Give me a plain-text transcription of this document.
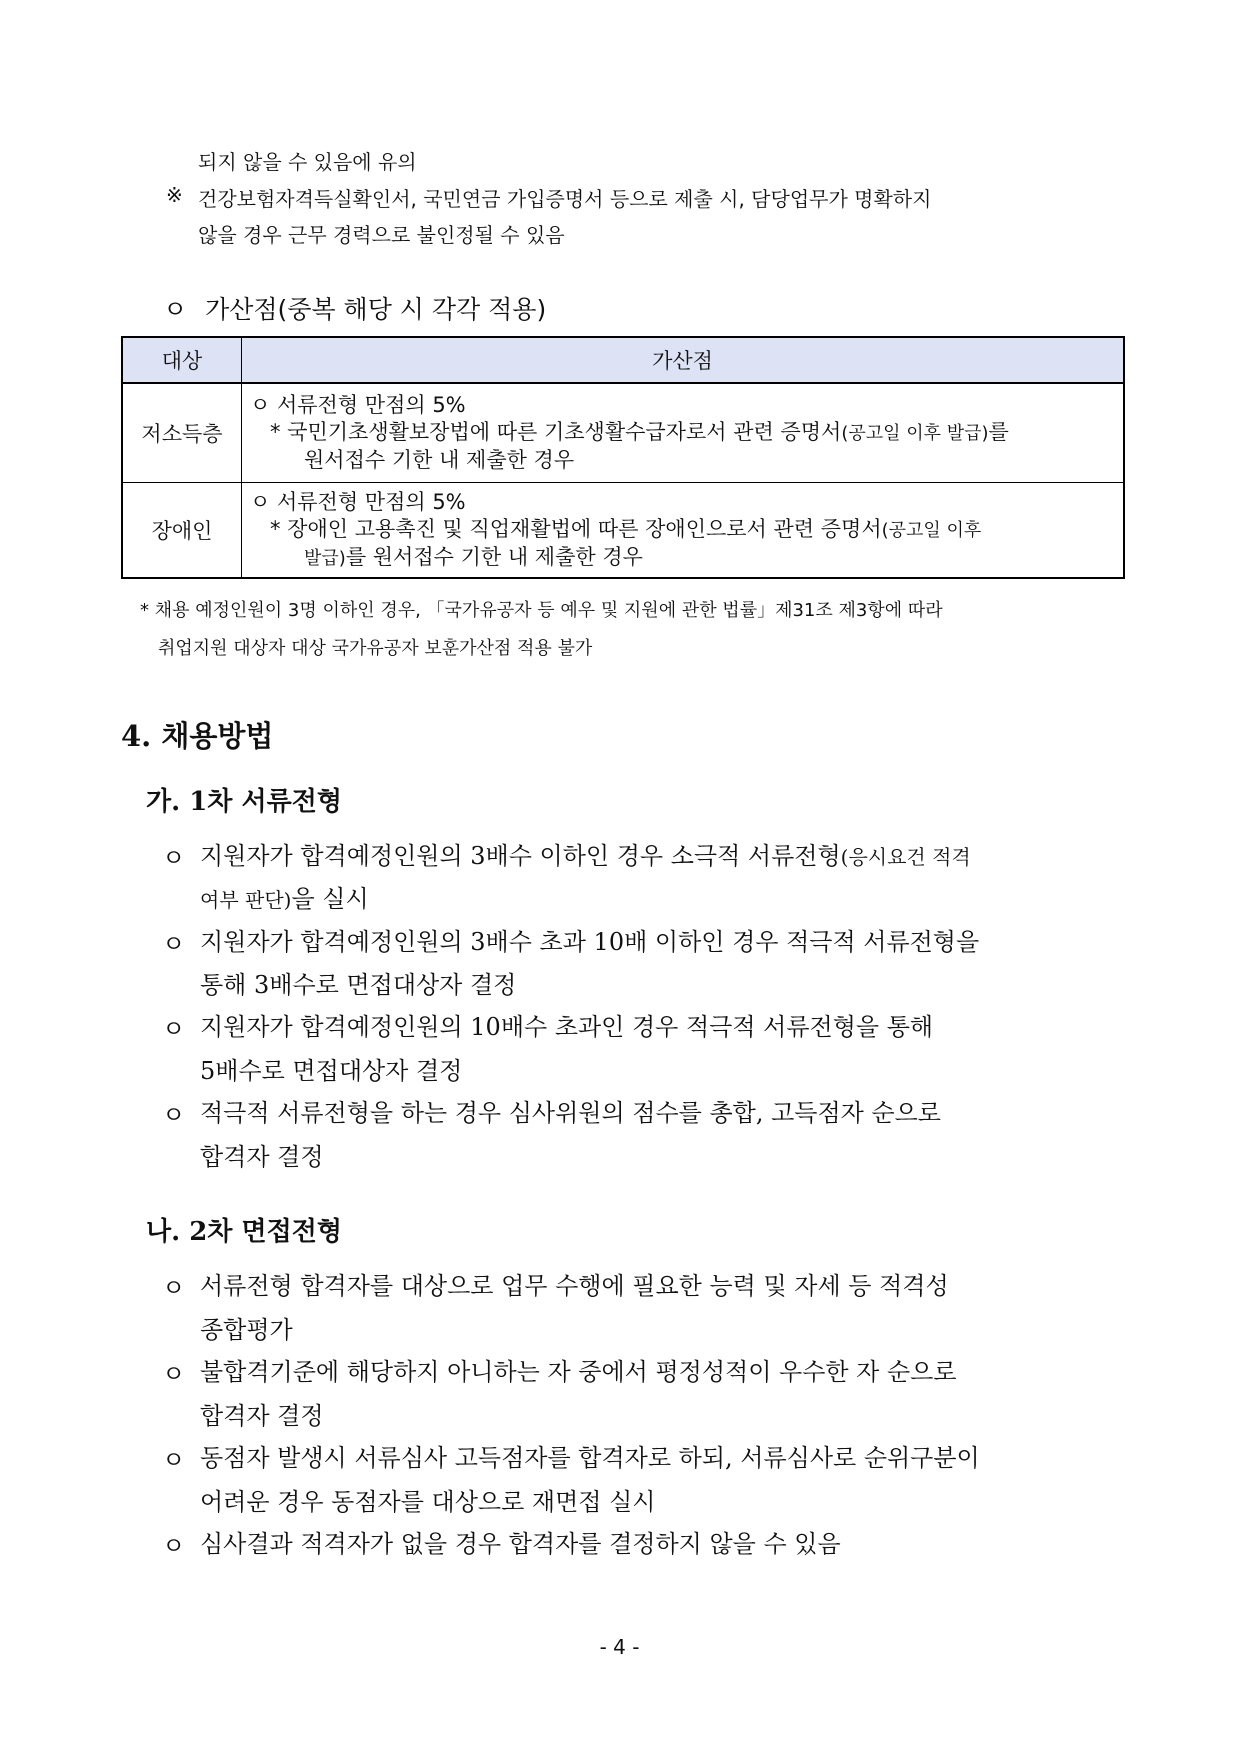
되지 않을 수 있음에 유의
※ 건강보험자격득실확인서, 국민연금 가입증명서 등으로 제출 시, 담당업무가 명확하지
않을 경우 근무 경력으로 불인정될 수 있음
ㅇ 가산점(중복 해당 시 각각 적용)
대상	가산점
저소득층	ㅇ 서류전형 만점의 5%
* 국민기초생활보장법에 따른 기초생활수급자로서 관련 증명서(공고일 이후 발급)를
원서접수 기한 내 제출한 경우

장애인	ㅇ 서류전형 만점의 5%
* 장애인 고용촉진 및 직업재활법에 따른 장애인으로서 관련 증명서(공고일 이후
발급)를 원서접수 기한 내 제출한 경우
* 채용 예정인원이 3명 이하인 경우, 「국가유공자 등 예우 및 지원에 관한 법률」제31조 제3항에 따라
취업지원 대상자 대상 국가유공자 보훈가산점 적용 불가
4. 채용방법
가. 1차 서류전형
ㅇ 지원자가 합격예정인원의 3배수 이하인 경우 소극적 서류전형(응시요건 적격
여부 판단)을 실시
ㅇ 지원자가 합격예정인원의 3배수 초과 10배 이하인 경우 적극적 서류전형을
통해 3배수로 면접대상자 결정
ㅇ 지원자가 합격예정인원의 10배수 초과인 경우 적극적 서류전형을 통해
5배수로 면접대상자 결정
ㅇ 적극적 서류전형을 하는 경우 심사위원의 점수를 총합, 고득점자 순으로
합격자 결정
나. 2차 면접전형
ㅇ 서류전형 합격자를 대상으로 업무 수행에 필요한 능력 및 자세 등 적격성
종합평가
ㅇ 불합격기준에 해당하지 아니하는 자 중에서 평정성적이 우수한 자 순으로
합격자 결정
ㅇ 동점자 발생시 서류심사 고득점자를 합격자로 하되, 서류심사로 순위구분이
어려운 경우 동점자를 대상으로 재면접 실시
ㅇ 심사결과 적격자가 없을 경우 합격자를 결정하지 않을 수 있음
- 4 -
